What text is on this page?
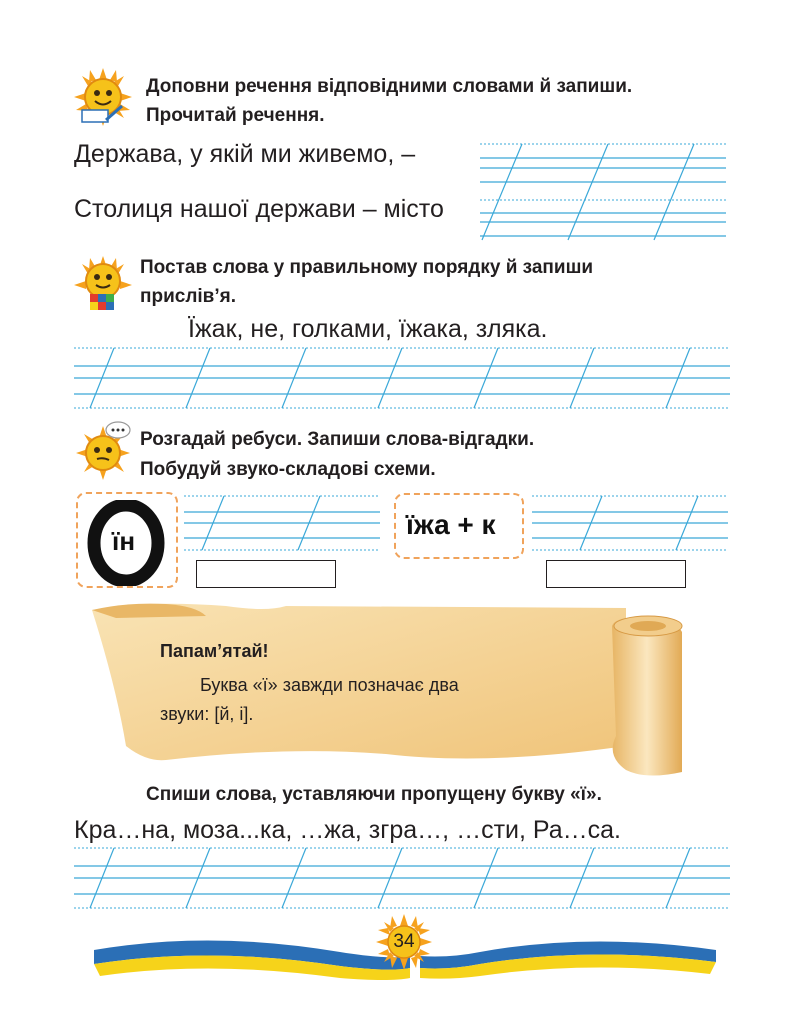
Доповни речення відповідними словами й запиши.
Прочитай речення.
Держава, у якій ми живемо, –
Столиця нашої держави – місто
Постав слова у правильному порядку й запиши
прислів’я.
Їжак, не, голками, їжака, зляка.
Розгадай ребуси. Запиши слова-відгадки.
Побудуй звуко-складові схеми.
їн
їжа + к
Папам’ятай!
Буква «ї» завжди позначає два
звуки: [й, і].
Спиши слова, уставляючи пропущену букву «ї».
Кра…на, моза...ка, …жа, згра…, …сти, Ра…са.
34
